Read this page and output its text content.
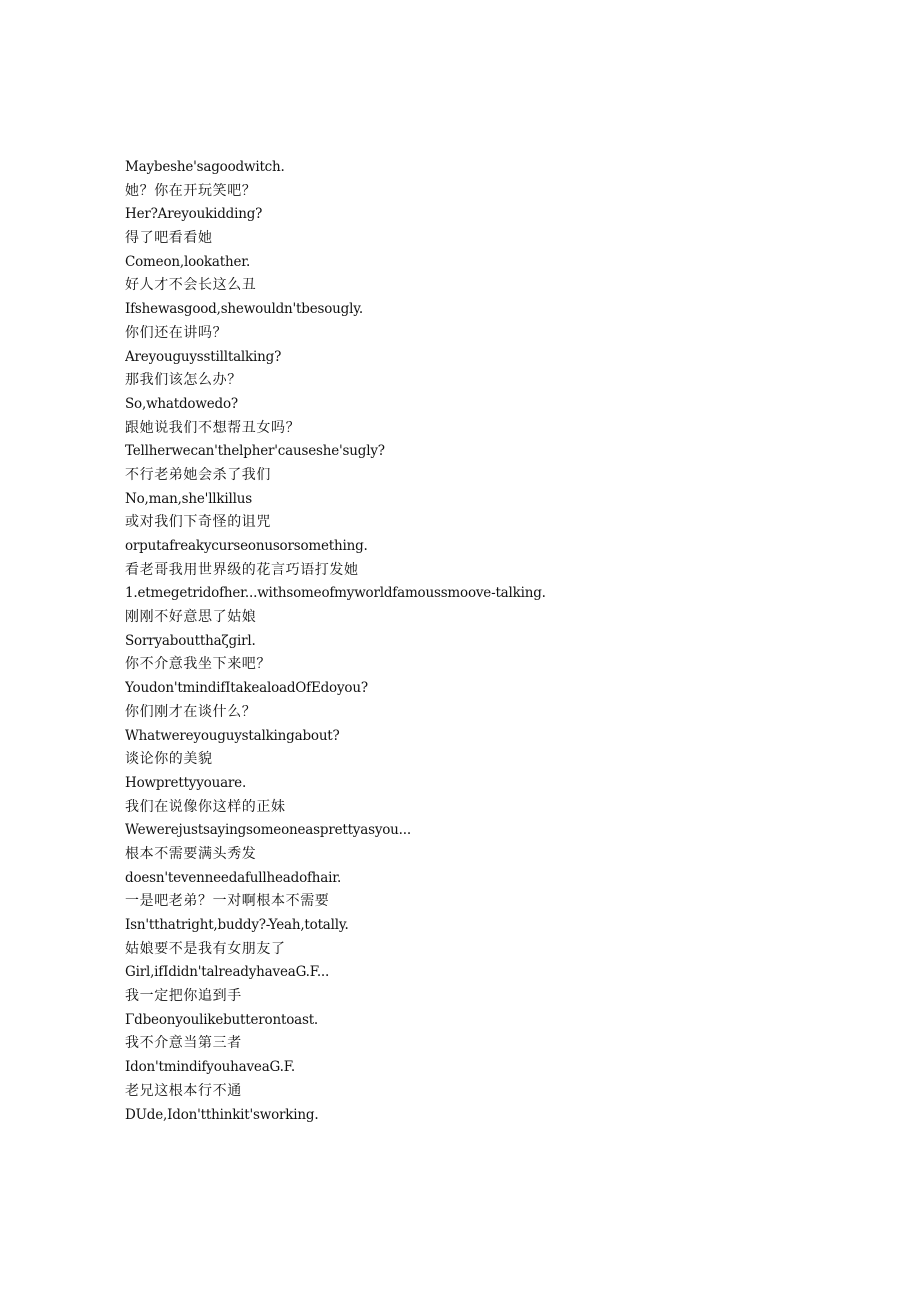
Maybeshe'sagoodwitch.
她？你在开玩笑吧？
Her?Areyoukidding?
得了吧看看她
Comeon,lookather.
好人才不会长这么丑
Ifshewasgood,shewouldn'tbesougly.
你们还在讲吗？
Areyouguysstilltalking?
那我们该怎么办？
So,whatdowedo?
跟她说我们不想帮丑女吗？
Tellherwecan'thelpher'causeshe'sugly?
不行老弟她会杀了我们
No,man,she'llkillus
或对我们下奇怪的诅咒
orputafreakycurseonusorsomething.
看老哥我用世界级的花言巧语打发她
1.etmegetridofher...withsomeofmyworldfamoussmoove-talking.
刚刚不好意思了姑娘
Sorryaboutthaζgirl.
你不介意我坐下来吧？
Youdon'tmindifItakealoadOfEdoyou?
你们刚才在谈什么？
Whatwereyouguystalkingabout?
谈论你的美貌
Howprettyyouare.
我们在说像你这样的正妹
Wewerejustsayingsomeoneasprettyasyou...
根本不需要满头秀发
doesn'tevenneedafullheadofhair.
一是吧老弟？一对啊根本不需要
Isn'tthatright,buddy?-Yeah,totally.
姑娘要不是我有女朋友了
Girl,ifIdidn'talreadyhaveaG.F...
我一定把你追到手
Γdbeonyoulikebutterontoast.
我不介意当第三者
Idon'tmindifyouhaveaG.F.
老兄这根本行不通
DUde,Idon'tthinkit'sworking.
